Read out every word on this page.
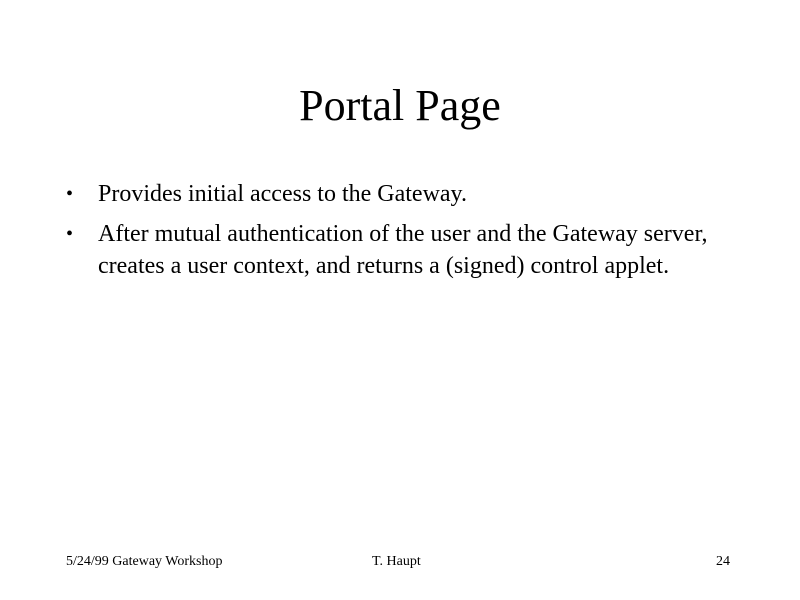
Portal Page
•	Provides initial access to the Gateway.
•	After mutual authentication of the user and the Gateway server, creates a user context, and returns a (signed) control applet.
5/24/99 Gateway Workshop	T. Haupt	24
